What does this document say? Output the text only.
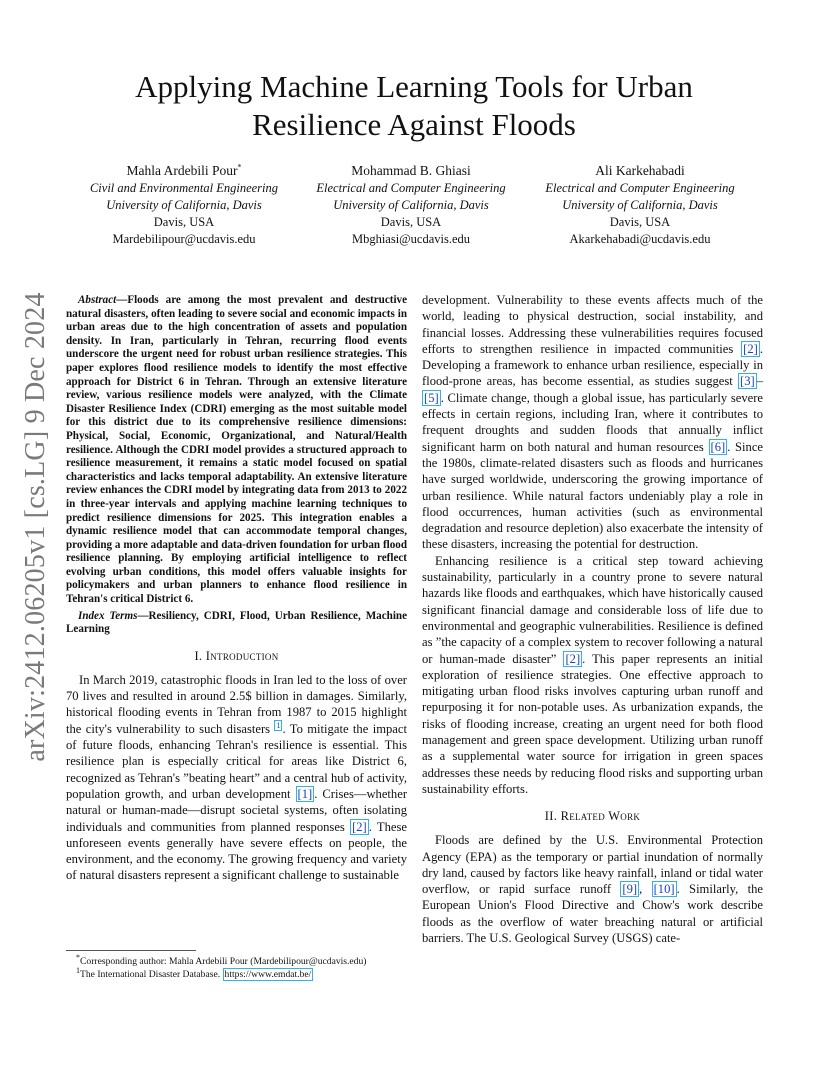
arXiv:2412.06205v1 [cs.LG] 9 Dec 2024
Applying Machine Learning Tools for Urban
Resilience Against Floods
Mahla Ardebili Pour*
Civil and Environmental Engineering
University of California, Davis
Davis, USA
Mardebilipour@ucdavis.edu
Mohammad B. Ghiasi
Electrical and Computer Engineering
University of California, Davis
Davis, USA
Mbghiasi@ucdavis.edu
Ali Karkehabadi
Electrical and Computer Engineering
University of California, Davis
Davis, USA
Akarkehabadi@ucdavis.edu

Abstract—Floods are among the most prevalent and destructive natural disasters, often leading to severe social and economic impacts in urban areas due to the high concentration of assets and population density. In Iran, particularly in Tehran, recurring flood events underscore the urgent need for robust urban resilience strategies. This paper explores flood resilience models to identify the most effective approach for District 6 in Tehran. Through an extensive literature review, various resilience models were analyzed, with the Climate Disaster Resilience Index (CDRI) emerging as the most suitable model for this district due to its comprehensive resilience dimensions: Physical, Social, Economic, Organizational, and Natural/Health resilience. Although the CDRI model provides a structured approach to resilience measurement, it remains a static model focused on spatial characteristics and lacks temporal adaptability. An extensive literature review enhances the CDRI model by integrating data from 2013 to 2022 in three-year intervals and applying machine learning techniques to predict resilience dimensions for 2025. This integration enables a dynamic resilience model that can accommodate temporal changes, providing a more adaptable and data-driven foundation for urban flood resilience planning. By employing artificial intelligence to reflect evolving urban conditions, this model offers valuable insights for policymakers and urban planners to enhance flood resilience in Tehran's critical District 6.

Index Terms—Resiliency, CDRI, Flood, Urban Resilience, Machine Learning
I. Introduction

In March 2019, catastrophic floods in Iran led to the loss of over 70 lives and resulted in around 2.5$ billion in damages. Similarly, historical flooding events in Tehran from 1987 to 2015 highlight the city's vulnerability to such disasters $^1$ . To mitigate the impact of future floods, enhancing Tehran's resilience is essential. This resilience plan is especially critical for areas like District 6, recognized as Tehran's ”beating heart” and a central hub of activity, population growth, and urban development [1] . Crises—whether natural or human-made—disrupt societal systems, often isolating individuals and communities from planned responses [2] . These unforeseen events generally have severe effects on people, the environment, and the economy. The growing frequency and variety of natural disasters represent a significant challenge to sustainable

*Corresponding author: Mahla Ardebili Pour (Mardebilipour@ucdavis.edu)

$^1$The International Disaster Database. https://www.emdat.be/

development. Vulnerability to these events affects much of the world, leading to physical destruction, social instability, and financial losses. Addressing these vulnerabilities requires focused efforts to strengthen resilience in impacted communities [2] . Developing a framework to enhance urban resilience, especially in flood-prone areas, has become essential, as studies suggest [3] –[5] . Climate change, though a global issue, has particularly severe effects in certain regions, including Iran, where it contributes to frequent droughts and sudden floods that annually inflict significant harm on both natural and human resources [6] . Since the 1980s, climate-related disasters such as floods and hurricanes have surged worldwide, underscoring the growing importance of urban resilience. While natural factors undeniably play a role in flood occurrences, human activities (such as environmental degradation and resource depletion) also exacerbate the intensity of these disasters, increasing the potential for destruction.

Enhancing resilience is a critical step toward achieving sustainability, particularly in a country prone to severe natural hazards like floods and earthquakes, which have historically caused significant financial damage and considerable loss of life due to environmental and geographic vulnerabilities. Resilience is defined as ”the capacity of a complex system to recover following a natural or human-made disaster” [2] . This paper represents an initial exploration of resilience strategies. One effective approach to mitigating urban flood risks involves capturing urban runoff and repurposing it for non-potable uses. As urbanization expands, the risks of flooding increase, creating an urgent need for both flood management and green space development. Utilizing urban runoff as a supplemental water source for irrigation in green spaces addresses these needs by reducing flood risks and supporting urban sustainability efforts.

II. Related Work

Floods are defined by the U.S. Environmental Protection Agency (EPA) as the temporary or partial inundation of normally dry land, caused by factors like heavy rainfall, inland or tidal water overflow, or rapid surface runoff [9] , [10] . Similarly, the European Union's Flood Directive and Chow's work describe floods as the overflow of water breaching natural or artificial barriers. The U.S. Geological Survey (USGS) cate-
